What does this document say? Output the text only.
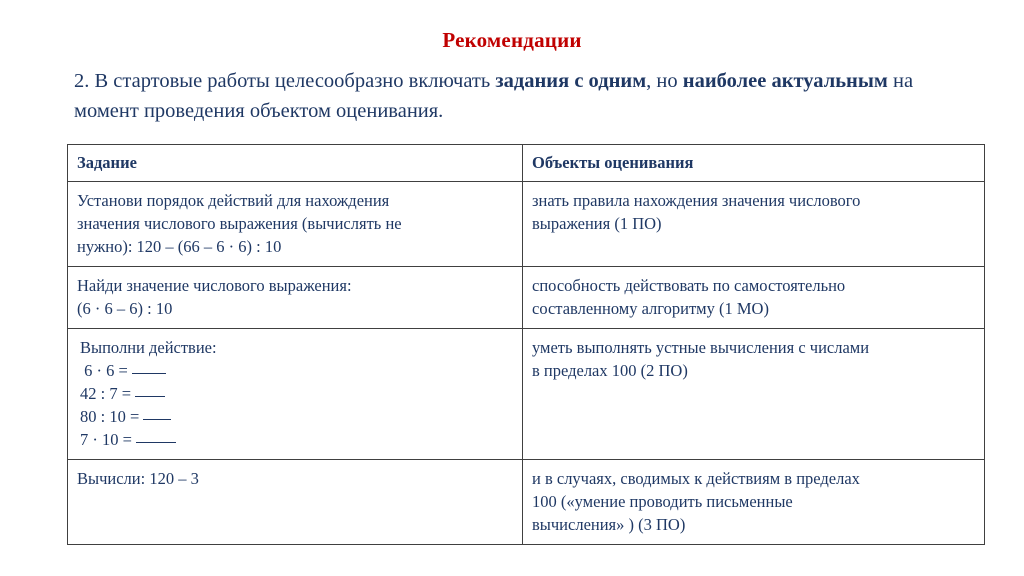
Рекомендации
2. В стартовые работы целесообразно включать задания с одним, но наиболее актуальным на момент проведения объектом оценивания.
Задание	Объекты оценивания

Установи порядок действий для нахождения
значения числового выражения (вычислять не
нужно): 120 – (66 – 6 · 6) : 10	знать правила нахождения значения числового
выражения (1 ПО)

Найди значение числового выражения:
(6 · 6 – 6) : 10	способность действовать по самостоятельно
составленному алгоритму (1 МО)

Выполни действие:
6 · 6 =
42 : 7 =
80 : 10 =
7 · 10 =	уметь выполнять устные вычисления с числами
в пределах 100 (2 ПО)

Вычисли: 120 – 3	и в случаях, сводимых к действиям в пределах
100 («умение проводить письменные
вычисления» ) (3 ПО)
